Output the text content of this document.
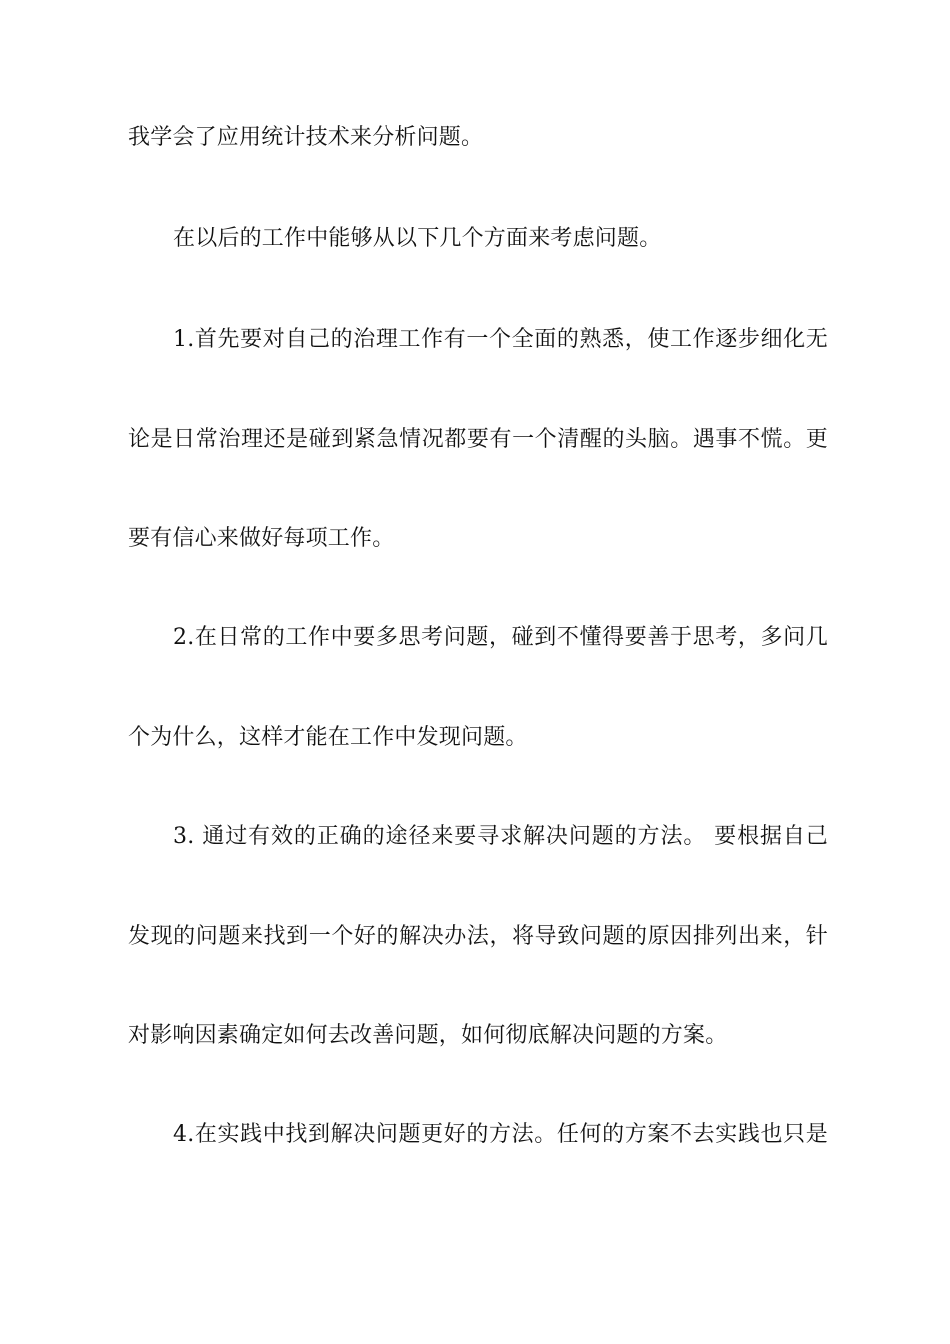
我学会了应用统计技术来分析问题。
在以后的工作中能够从以下几个方面来考虑问题。
1.首先要对自己的治理工作有一个全面的熟悉，使工作逐步细化无
论是日常治理还是碰到紧急情况都要有一个清醒的头脑。遇事不慌。更
要有信心来做好每项工作。
2.在日常的工作中要多思考问题，碰到不懂得要善于思考，多问几
个为什么，这样才能在工作中发现问题。
3. 通过有效的正确的途径来要寻求解决问题的方法。 要根据自己
发现的问题来找到一个好的解决办法，将导致问题的原因排列出来，针
对影响因素确定如何去改善问题，如何彻底解决问题的方案。
4.在实践中找到解决问题更好的方法。任何的方案不去实践也只是
